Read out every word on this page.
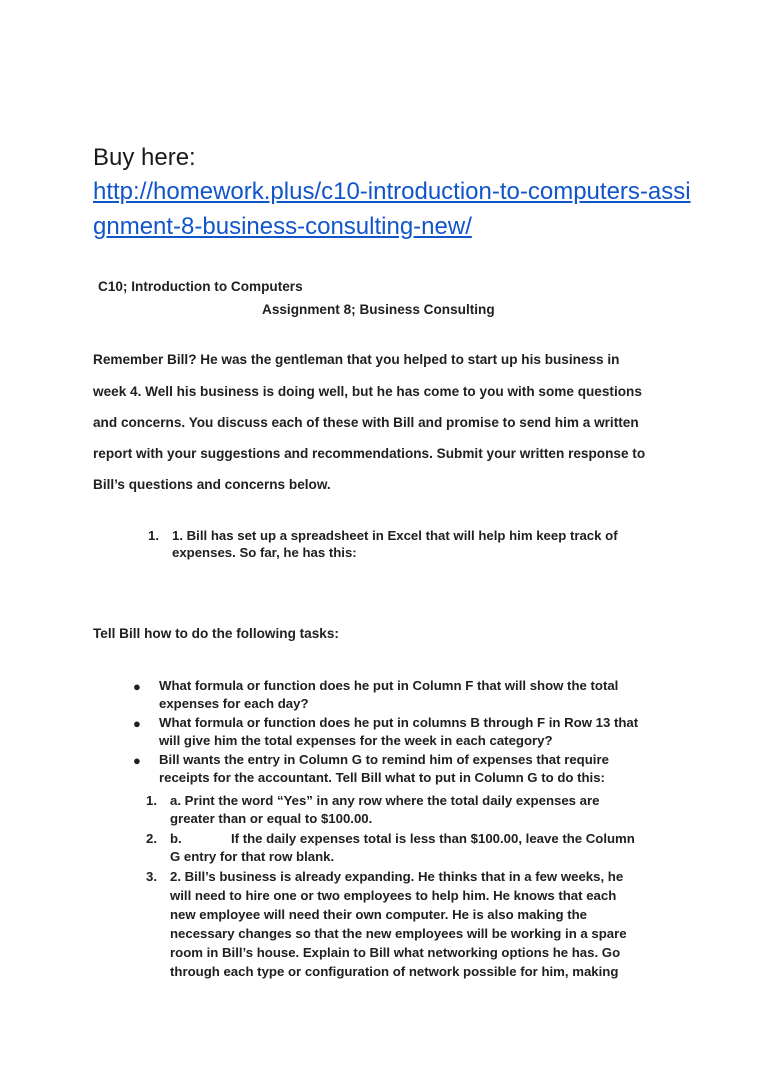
Buy here:
http://homework.plus/c10-introduction-to-computers-assi
gnment-8-business-consulting-new/
C10; Introduction to Computers
Assignment 8; Business Consulting
Remember Bill? He was the gentleman that you helped to start up his business in
week 4. Well his business is doing well, but he has come to you with some questions
and concerns. You discuss each of these with Bill and promise to send him a written
report with your suggestions and recommendations. Submit your written response to
Bill’s questions and concerns below.
1. 1. Bill has set up a spreadsheet in Excel that will help him keep track of
expenses. So far, he has this:
Tell Bill how to do the following tasks:
● What formula or function does he put in Column F that will show the total
expenses for each day?
● What formula or function does he put in columns B through F in Row 13 that
will give him the total expenses for the week in each category?
● Bill wants the entry in Column G to remind him of expenses that require
receipts for the accountant. Tell Bill what to put in Column G to do this:
1. a. Print the word “Yes” in any row where the total daily expenses are
greater than or equal to $100.00.
2. b.	If the daily expenses total is less than $100.00, leave the Column
G entry for that row blank.
3. 2. Bill’s business is already expanding. He thinks that in a few weeks, he
will need to hire one or two employees to help him. He knows that each
new employee will need their own computer. He is also making the
necessary changes so that the new employees will be working in a spare
room in Bill’s house. Explain to Bill what networking options he has. Go
through each type or configuration of network possible for him, making
